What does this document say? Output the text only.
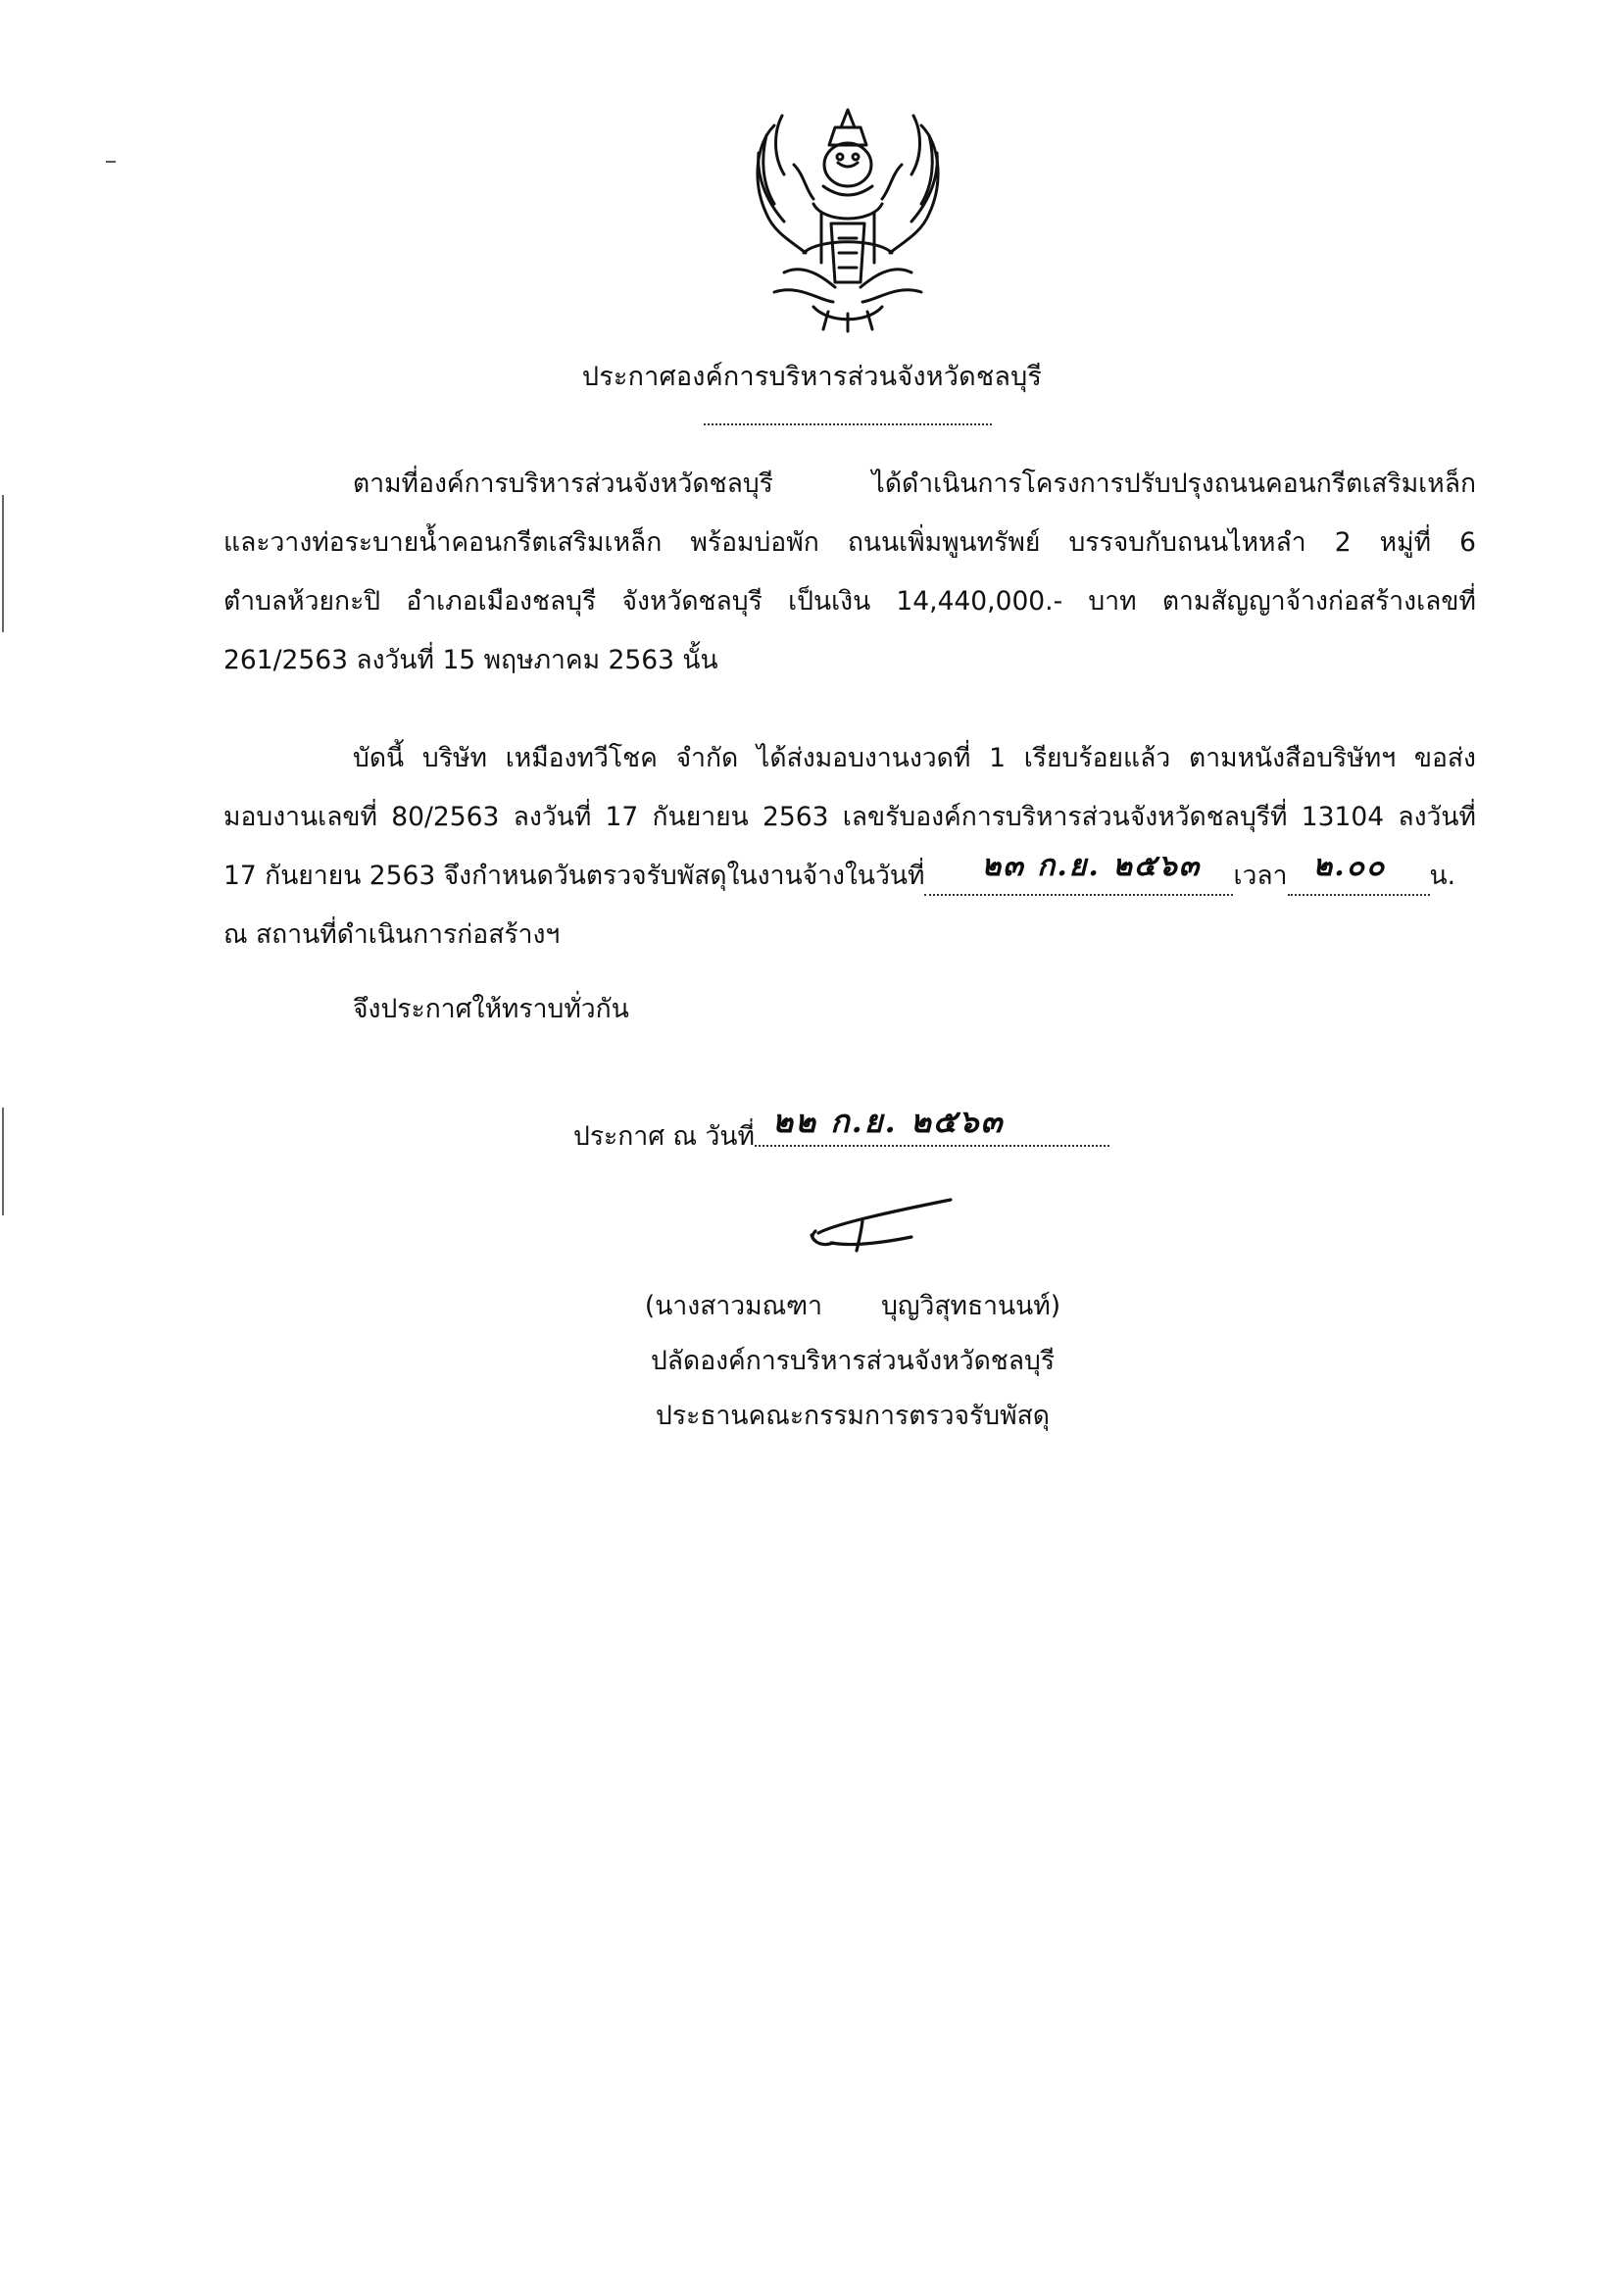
ประกาศองค์การบริหารส่วนจังหวัดชลบุรี
ตามที่องค์การบริหารส่วนจังหวัดชลบุรี ได้ดำเนินการโครงการปรับปรุงถนนคอนกรีตเสริมเหล็ก
และวางท่อระบายน้ำคอนกรีตเสริมเหล็ก พร้อมบ่อพัก ถนนเพิ่มพูนทรัพย์ บรรจบกับถนนไหหลำ 2 หมู่ที่ 6
ตำบลห้วยกะปิ อำเภอเมืองชลบุรี จังหวัดชลบุรี เป็นเงิน 14,440,000.- บาท ตามสัญญาจ้างก่อสร้างเลขที่
261/2563 ลงวันที่ 15 พฤษภาคม 2563 นั้น
บัดนี้ บริษัท เหมืองทวีโชค จำกัด ได้ส่งมอบงานงวดที่ 1 เรียบร้อยแล้ว ตามหนังสือบริษัทฯ ขอส่ง
มอบงานเลขที่ 80/2563 ลงวันที่ 17 กันยายน 2563 เลขรับองค์การบริหารส่วนจังหวัดชลบุรีที่ 13104 ลงวันที่
17 กันยายน 2563 จึงกำหนดวันตรวจรับพัสดุในงานจ้างในวันที่ ๒๓ ก.ย. ๒๕๖๓ เวลา ๒.๐๐ น.
ณ สถานที่ดำเนินการก่อสร้างฯ
จึงประกาศให้ทราบทั่วกัน
ประกาศ ณ วันที่ ๒๒ ก.ย. ๒๕๖๓
(นางสาวมณฑา บุญวิสุทธานนท์)
ปลัดองค์การบริหารส่วนจังหวัดชลบุรี
ประธานคณะกรรมการตรวจรับพัสดุ
